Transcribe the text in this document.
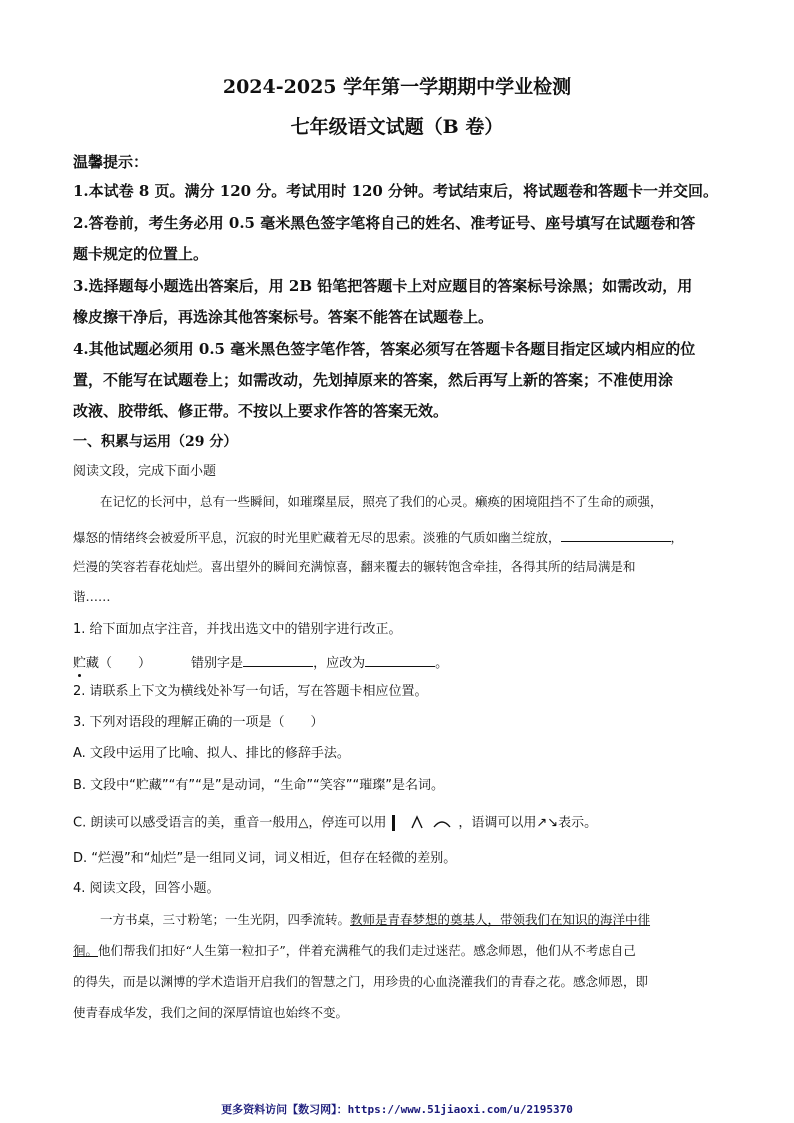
2024-2025 学年第一学期期中学业检测
七年级语文试题（B 卷）
温馨提示：
1.本试卷 8 页。满分 120 分。考试用时 120 分钟。考试结束后，将试题卷和答题卡一并交回。
2.答卷前，考生务必用 0.5 毫米黑色签字笔将自己的姓名、准考证号、座号填写在试题卷和答
题卡规定的位置上。
3.选择题每小题选出答案后，用 2B 铅笔把答题卡上对应题目的答案标号涂黑；如需改动，用
橡皮擦干净后，再选涂其他答案标号。答案不能答在试题卷上。
4.其他试题必须用 0.5 毫米黑色签字笔作答，答案必须写在答题卡各题目指定区域内相应的位
置，不能写在试题卷上；如需改动，先划掉原来的答案，然后再写上新的答案；不准使用涂
改液、胶带纸、修正带。不按以上要求作答的答案无效。
一、积累与运用（29 分）
阅读文段，完成下面小题
在记忆的长河中，总有一些瞬间，如璀璨星辰，照亮了我们的心灵。癞痪的困境阻挡不了生命的顽强，
爆怒的情绪终会被爱所平息，沉寂的时光里贮藏着无尽的思索。淡雅的气质如幽兰绽放，	，
烂漫的笑容若春花灿烂。喜出望外的瞬间充满惊喜，翻来覆去的辗转饱含牵挂，各得其所的结局满是和
谐……
1. 给下面加点字注音，并找出选文中的错别字进行改正。
贮藏（　　）	错别字是	，应改为	。
2. 请联系上下文为横线处补写一句话，写在答题卡相应位置。
3. 下列对语段的理解正确的一项是（　　）
A. 文段中运用了比喻、拟人、排比的修辞手法。
B. 文段中“贮藏”“有”“是”是动词，“生命”“笑容”“璀璨”是名词。
C. 朗读可以感受语言的美，重音一般用△，停连可以用	，语调可以用↗↘表示。
D. “烂漫”和“灿烂”是一组同义词，词义相近，但存在轻微的差别。
4. 阅读文段，回答小题。
一方书桌，三寸粉笔；一生光阴，四季流转。教师是青春梦想的奠基人，带领我们在知识的海洋中徘
徊。他们帮我们扣好“人生第一粒扣子”，伴着充满稚气的我们走过迷茫。感念师恩，他们从不考虑自己
的得失，而是以渊博的学术造诣开启我们的智慧之门，用珍贵的心血浇灌我们的青春之花。感念师恩，即
使青春成华发，我们之间的深厚情谊也始终不变。
更多资料访问【数习网】：https://www.51jiaoxi.com/u/2195370
